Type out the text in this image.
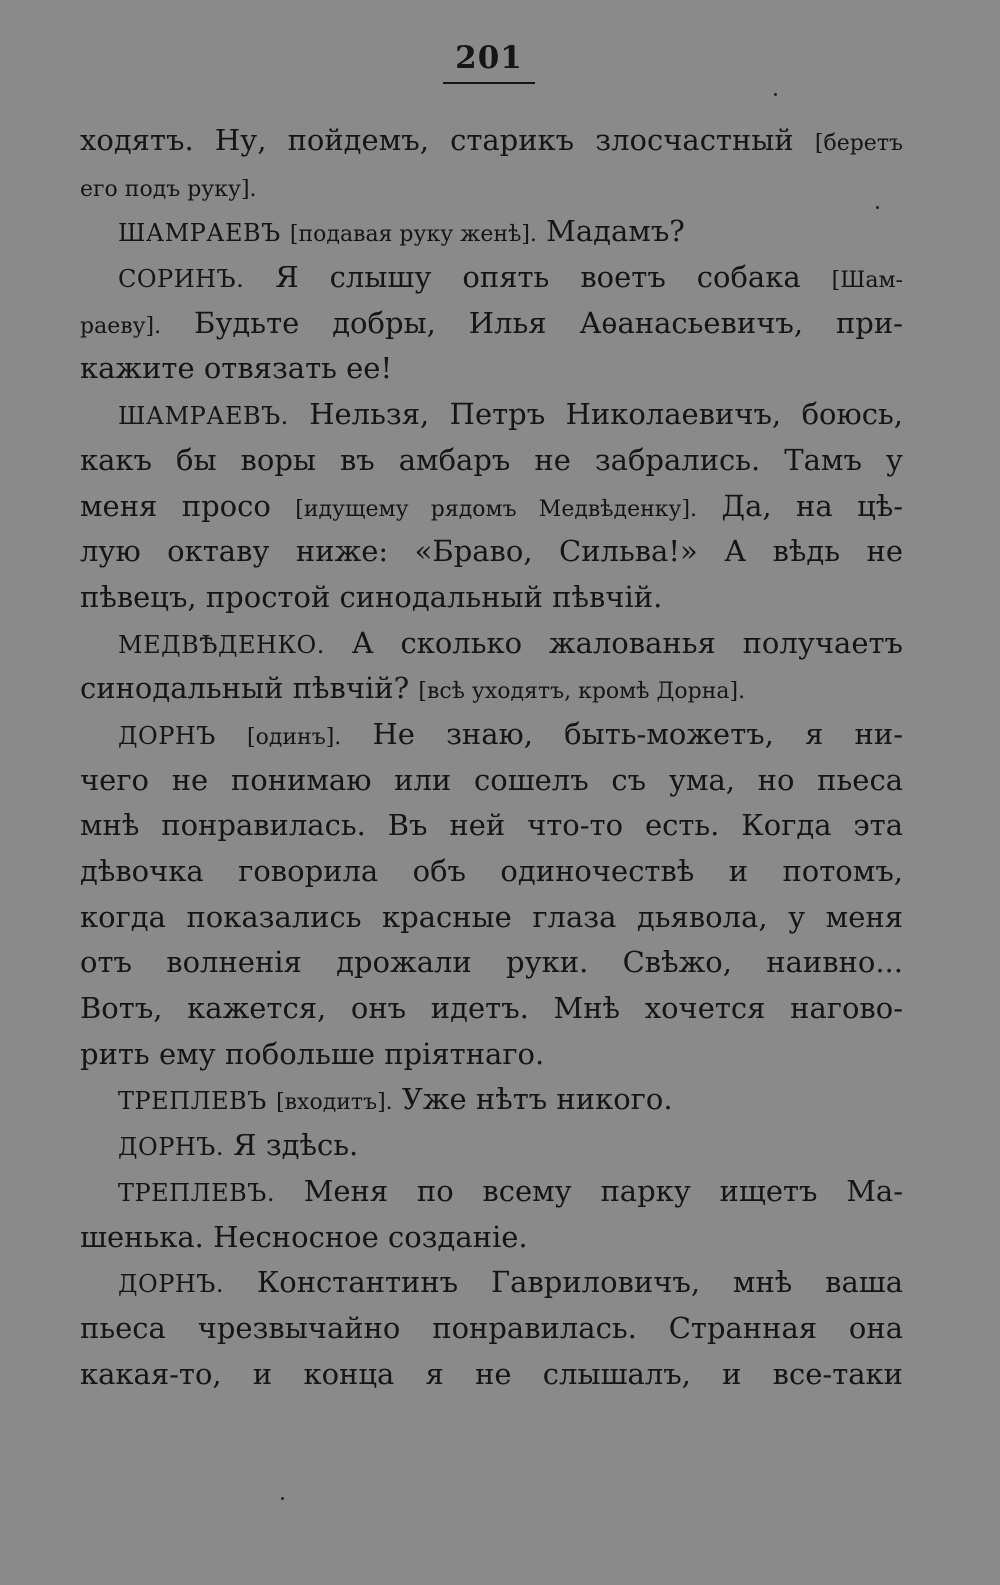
201
ходятъ. Ну, пойдемъ, старикъ злосчастный [беретъ
его подъ руку].
ШАМРАЕВЪ [подавая руку женѣ]. Мадамъ?
СОРИНЪ. Я слышу опять воетъ собака [Шам-
раеву]. Будьте добры, Илья Аѳанасьевичъ, при-
кажите отвязать ее!
ШАМРАЕВЪ. Нельзя, Петръ Николаевичъ, боюсь,
какъ бы воры въ амбаръ не забрались. Тамъ у
меня просо [идущему рядомъ Медвѣденку]. Да, на цѣ-
лую октаву ниже: «Браво, Сильва!» А вѣдь не
пѣвецъ, простой синодальный пѣвчій.
МЕДВѢДЕНКО. А сколько жалованья получаетъ
синодальный пѣвчій? [всѣ уходятъ, кромѣ Дорна].
ДОРНЪ [одинъ]. Не знаю, быть-можетъ, я ни-
чего не понимаю или сошелъ съ ума, но пьеса
мнѣ понравилась. Въ ней что-то есть. Когда эта
дѣвочка говорила объ одиночествѣ и потомъ,
когда показались красные глаза дьявола, у меня
отъ волненія дрожали руки. Свѣжо, наивно...
Вотъ, кажется, онъ идетъ. Мнѣ хочется нагово-
рить ему побольше пріятнаго.
ТРЕПЛЕВЪ [входитъ]. Уже нѣтъ никого.
ДОРНЪ. Я здѣсь.
ТРЕПЛЕВЪ. Меня по всему парку ищетъ Ма-
шенька. Несносное созданіе.
ДОРНЪ. Константинъ Гавриловичъ, мнѣ ваша
пьеса чрезвычайно понравилась. Странная она
какая-то, и конца я не слышалъ, и все-таки
